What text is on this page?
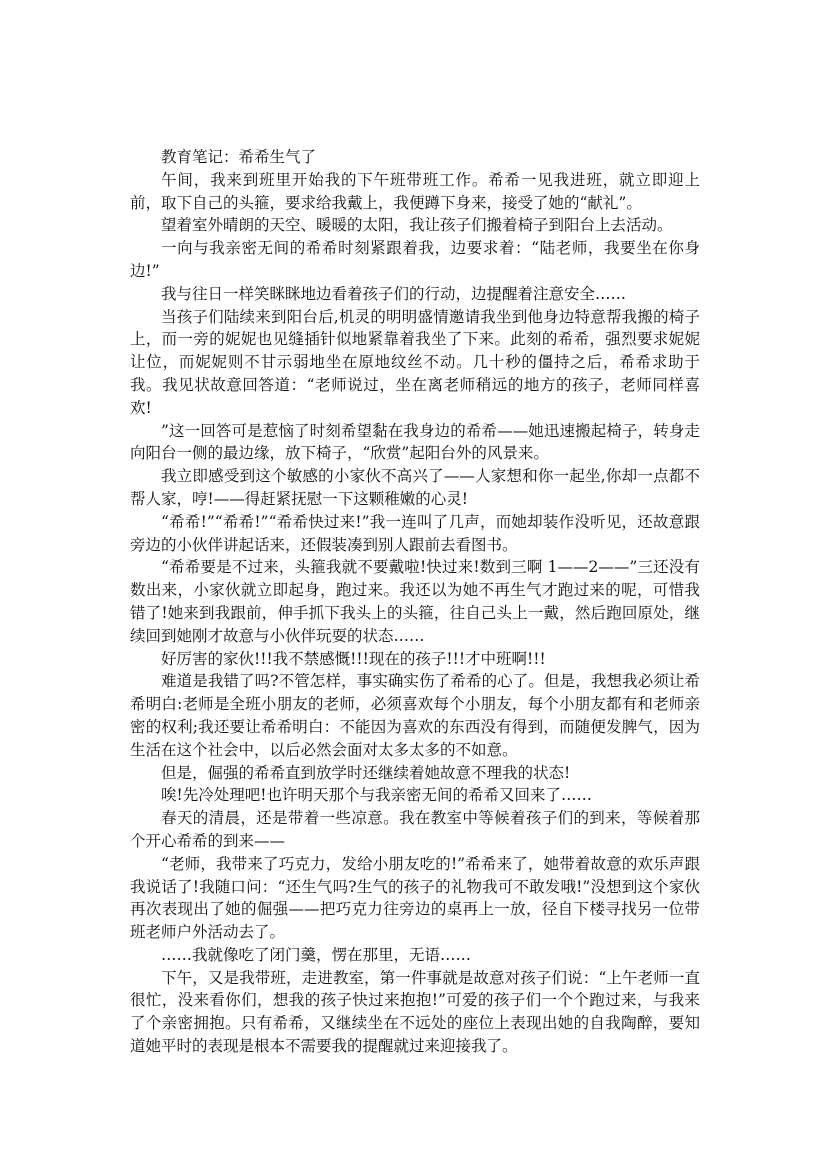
教育笔记：希希生气了

午间，我来到班里开始我的下午班带班工作。希希一见我进班，就立即迎上前，取下自己的头箍，要求给我戴上，我便蹲下身来，接受了她的“献礼”。

望着室外晴朗的天空、暖暖的太阳，我让孩子们搬着椅子到阳台上去活动。

一向与我亲密无间的希希时刻紧跟着我，边要求着：“陆老师，我要坐在你身边!”

我与往日一样笑眯眯地边看着孩子们的行动，边提醒着注意安全……

当孩子们陆续来到阳台后,机灵的明明盛情邀请我坐到他身边特意帮我搬的椅子上，而一旁的妮妮也见缝插针似地紧靠着我坐了下来。此刻的希希，强烈要求妮妮让位，而妮妮则不甘示弱地坐在原地纹丝不动。几十秒的僵持之后，希希求助于我。我见状故意回答道：“老师说过，坐在离老师稍远的地方的孩子，老师同样喜欢!

”这一回答可是惹恼了时刻希望黏在我身边的希希——她迅速搬起椅子，转身走向阳台一侧的最边缘，放下椅子，“欣赏”起阳台外的风景来。

我立即感受到这个敏感的小家伙不高兴了——人家想和你一起坐,你却一点都不帮人家，哼!——得赶紧抚慰一下这颗稚嫩的心灵!

“希希!”“希希!”“希希快过来!”我一连叫了几声，而她却装作没听见，还故意跟旁边的小伙伴讲起话来，还假装凑到别人跟前去看图书。

“希希要是不过来，头箍我就不要戴啦!快过来!数到三啊 1——2——”三还没有数出来，小家伙就立即起身，跑过来。我还以为她不再生气才跑过来的呢，可惜我错了!她来到我跟前，伸手抓下我头上的头箍，往自己头上一戴，然后跑回原处，继续回到她刚才故意与小伙伴玩耍的状态……

好厉害的家伙!!!我不禁感慨!!!现在的孩子!!!才中班啊!!!

难道是我错了吗?不管怎样，事实确实伤了希希的心了。但是，我想我必须让希希明白:老师是全班小朋友的老师，必须喜欢每个小朋友，每个小朋友都有和老师亲密的权利;我还要让希希明白：不能因为喜欢的东西没有得到，而随便发脾气，因为生活在这个社会中，以后必然会面对太多太多的不如意。

但是，倔强的希希直到放学时还继续着她故意不理我的状态!

唉!先冷处理吧!也许明天那个与我亲密无间的希希又回来了……

春天的清晨，还是带着一些凉意。我在教室中等候着孩子们的到来，等候着那个开心希希的到来——

“老师，我带来了巧克力，发给小朋友吃的!”希希来了，她带着故意的欢乐声跟我说话了!我随口问：“还生气吗?生气的孩子的礼物我可不敢发哦!”没想到这个家伙再次表现出了她的倔强——把巧克力往旁边的桌再上一放，径自下楼寻找另一位带班老师户外活动去了。

……我就像吃了闭门羹，愣在那里，无语……

下午，又是我带班，走进教室，第一件事就是故意对孩子们说：“上午老师一直很忙，没来看你们，想我的孩子快过来抱抱!”可爱的孩子们一个个跑过来，与我来了个亲密拥抱。只有希希，又继续坐在不远处的座位上表现出她的自我陶醉，要知道她平时的表现是根本不需要我的提醒就过来迎接我了。
